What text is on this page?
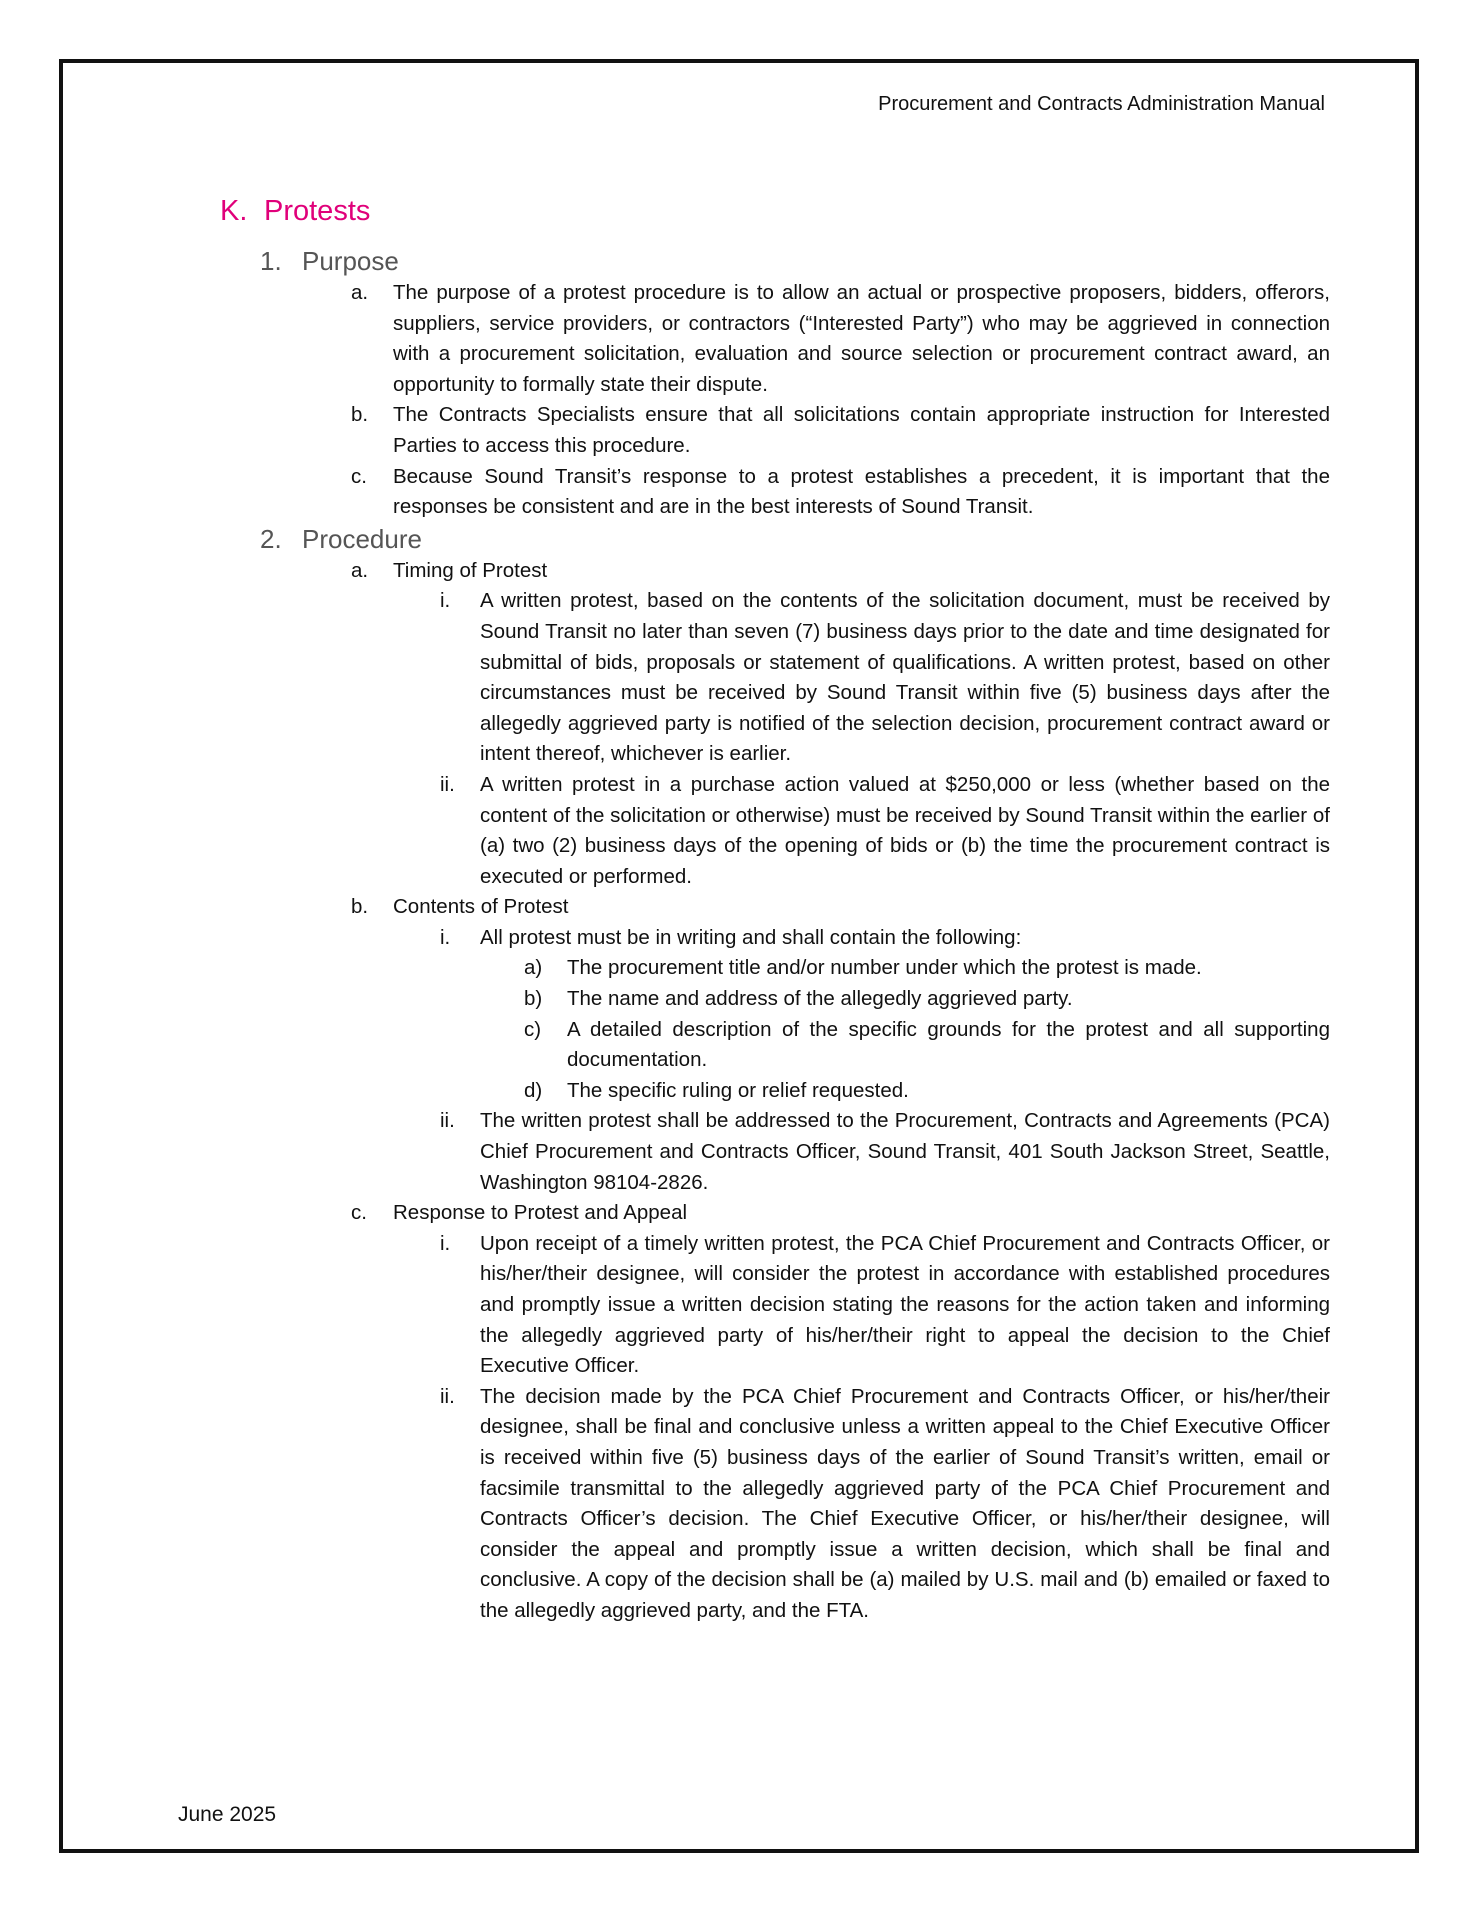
Procurement and Contracts Administration Manual
K. Protests
1. Purpose
a. The purpose of a protest procedure is to allow an actual or prospective proposers, bidders, offerors, suppliers, service providers, or contractors (“Interested Party”) who may be aggrieved in connection with a procurement solicitation, evaluation and source selection or procurement contract award, an opportunity to formally state their dispute.
b. The Contracts Specialists ensure that all solicitations contain appropriate instruction for Interested Parties to access this procedure.
c. Because Sound Transit’s response to a protest establishes a precedent, it is important that the responses be consistent and are in the best interests of Sound Transit.
2. Procedure
a. Timing of Protest
i. A written protest, based on the contents of the solicitation document, must be received by Sound Transit no later than seven (7) business days prior to the date and time designated for submittal of bids, proposals or statement of qualifications. A written protest, based on other circumstances must be received by Sound Transit within five (5) business days after the allegedly aggrieved party is notified of the selection decision, procurement contract award or intent thereof, whichever is earlier.
ii. A written protest in a purchase action valued at $250,000 or less (whether based on the content of the solicitation or otherwise) must be received by Sound Transit within the earlier of (a) two (2) business days of the opening of bids or (b) the time the procurement contract is executed or performed.
b. Contents of Protest
i. All protest must be in writing and shall contain the following:
a) The procurement title and/or number under which the protest is made.
b) The name and address of the allegedly aggrieved party.
c) A detailed description of the specific grounds for the protest and all supporting documentation.
d) The specific ruling or relief requested.
ii. The written protest shall be addressed to the Procurement, Contracts and Agreements (PCA) Chief Procurement and Contracts Officer, Sound Transit, 401 South Jackson Street, Seattle, Washington 98104-2826.
c. Response to Protest and Appeal
i. Upon receipt of a timely written protest, the PCA Chief Procurement and Contracts Officer, or his/her/their designee, will consider the protest in accordance with established procedures and promptly issue a written decision stating the reasons for the action taken and informing the allegedly aggrieved party of his/her/their right to appeal the decision to the Chief Executive Officer.
ii. The decision made by the PCA Chief Procurement and Contracts Officer, or his/her/their designee, shall be final and conclusive unless a written appeal to the Chief Executive Officer is received within five (5) business days of the earlier of Sound Transit’s written, email or facsimile transmittal to the allegedly aggrieved party of the PCA Chief Procurement and Contracts Officer’s decision. The Chief Executive Officer, or his/her/their designee, will consider the appeal and promptly issue a written decision, which shall be final and conclusive. A copy of the decision shall be (a) mailed by U.S. mail and (b) emailed or faxed to the allegedly aggrieved party, and the FTA.
June 2025
